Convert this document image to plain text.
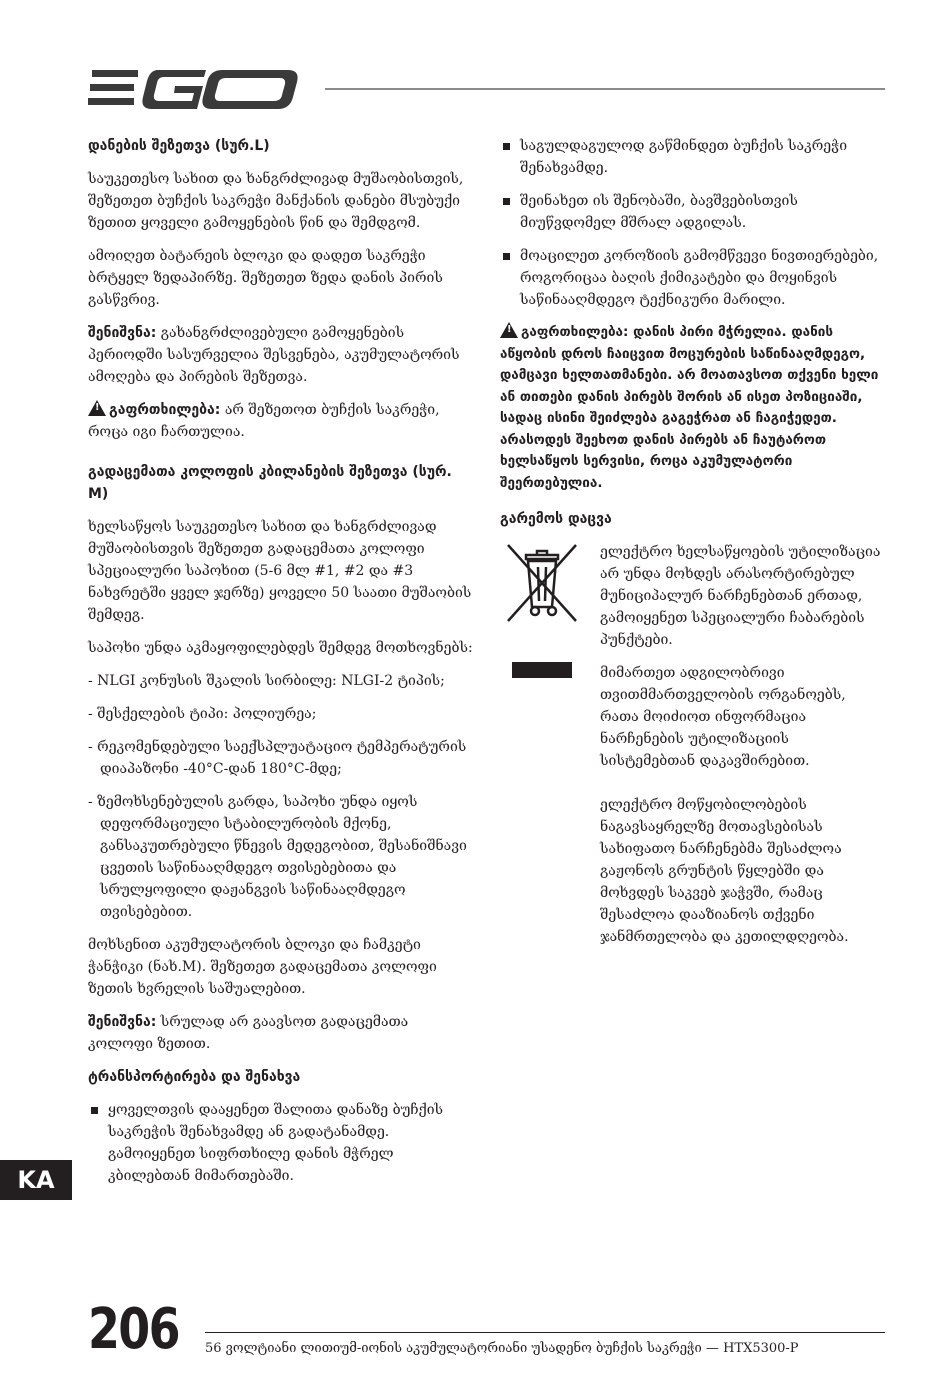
დანების შეზეთვა (სურ.L)

საუკეთესო სახით და ხანგრძლივად მუშაობისთვის, შეზეთეთ ბუჩქის საკრეჭი მანქანის დანები მსუბუქი ზეთით ყოველი გამოყენების წინ და შემდგომ.

ამოიღეთ ბატარეის ბლოკი და დადეთ საკრეჭი ბრტყელ ზედაპირზე. შეზეთეთ ზედა დანის პირის გასწვრივ.

შენიშვნა: გახანგრძლივებული გამოყენების პერიოდში სასურველია შესვენება, აკუმულატორის ამოღება და პირების შეზეთვა.

!გაფრთხილება: არ შეზეთოთ ბუჩქის საკრეჭი, როცა იგი ჩართულია.

გადაცემათა კოლოფის კბილანების შეზეთვა (სურ. M)

ხელსაწყოს საუკეთესო სახით და ხანგრძლივად მუშაობისთვის შეზეთეთ გადაცემათა კოლოფი სპეციალური საპოხით (5-6 მლ #1, #2 და #3 ნახვრეტში ყველ ჯერზე) ყოველი 50 საათი მუშაობის შემდეგ.

საპოხი უნდა აკმაყოფილებდეს შემდეგ მოთხოვნებს:

- NLGI კონუსის შკალის სირბილე: NLGI-2 ტიპის;

- შესქელების ტიპი: პოლიურეა;

- რეკომენდებული საექსპლუატაციო ტემპერატურის დიაპაზონი -40°C-დან 180°C-მდე;

- ზემოხსენებულის გარდა, საპოხი უნდა იყოს დეფორმაციული სტაბილურობის მქონე, განსაკუთრებული წნევის მედეგობით, შესანიშნავი ცვეთის საწინააღმდეგო თვისებებითა და სრულყოფილი დაჟანგვის საწინააღმდეგო თვისებებით.

მოხსენით აკუმულატორის ბლოკი და ჩამკეტი ჭანჭიკი (ნახ.M). შეზეთეთ გადაცემათა კოლოფი ზეთის ხვრელის საშუალებით.

შენიშვნა: სრულად არ გაავსოთ გადაცემათა კოლოფი ზეთით.

ტრანსპორტირება და შენახვა
ყოველთვის დააყენეთ შალითა დანაზე ბუჩქის საკრეჭის შენახვამდე ან გადატანამდე. გამოიყენეთ სიფრთხილე დანის მჭრელ კბილებთან მიმართებაში.
საგულდაგულოდ გაწმინდეთ ბუჩქის საკრეჭი შენახვამდე.
შეინახეთ ის შენობაში, ბავშვებისთვის მიუწვდომელ მშრალ ადგილას.
მოაცილეთ კოროზიის გამომწვევი ნივთიერებები, როგორიცაა ბაღის ქიმიკატები და მოყინვის საწინააღმდეგო ტექნიკური მარილი.
!გაფრთხილება: დანის პირი მჭრელია. დანის აწყობის დროს ჩაიცვით მოცურების საწინააღმდეგო, დამცავი ხელთათმანები. არ მოათავსოთ თქვენი ხელი ან თითები დანის პირებს შორის ან ისეთ პოზიციაში, სადაც ისინი შეიძლება გაგეჭრათ ან ჩაგიჭედეთ. არასოდეს შეეხოთ დანის პირებს ან ჩაუტაროთ ხელსაწყოს სერვისი, როცა აკუმულატორი შეერთებულია.
გარემოს დაცვა

ელექტრო ხელსაწყოების უტილიზაცია არ უნდა მოხდეს არასორტირებულ მუნიციპალურ ნარჩენებთან ერთად, გამოიყენეთ სპეციალური ჩაბარების პუნქტები.

მიმართეთ ადგილობრივი თვითმმართველობის ორგანოებს, რათა მოიძიოთ ინფორმაცია ნარჩენების უტილიზაციის სისტემებთან დაკავშირებით.

ელექტრო მოწყობილობების ნაგავსაყრელზე მოთავსებისას სახიფათო ნარჩენებმა შესაძლოა გაჟონოს გრუნტის წყლებში და მოხვდეს საკვებ ჯაჭვში, რამაც შესაძლოა დააზიანოს თქვენი ჯანმრთელობა და კეთილდღეობა.

KA
206 56 ვოლტიანი ლითიუმ-იონის აკუმულატორიანი უსადენო ბუჩქის საკრეჭი — HTX5300-P
